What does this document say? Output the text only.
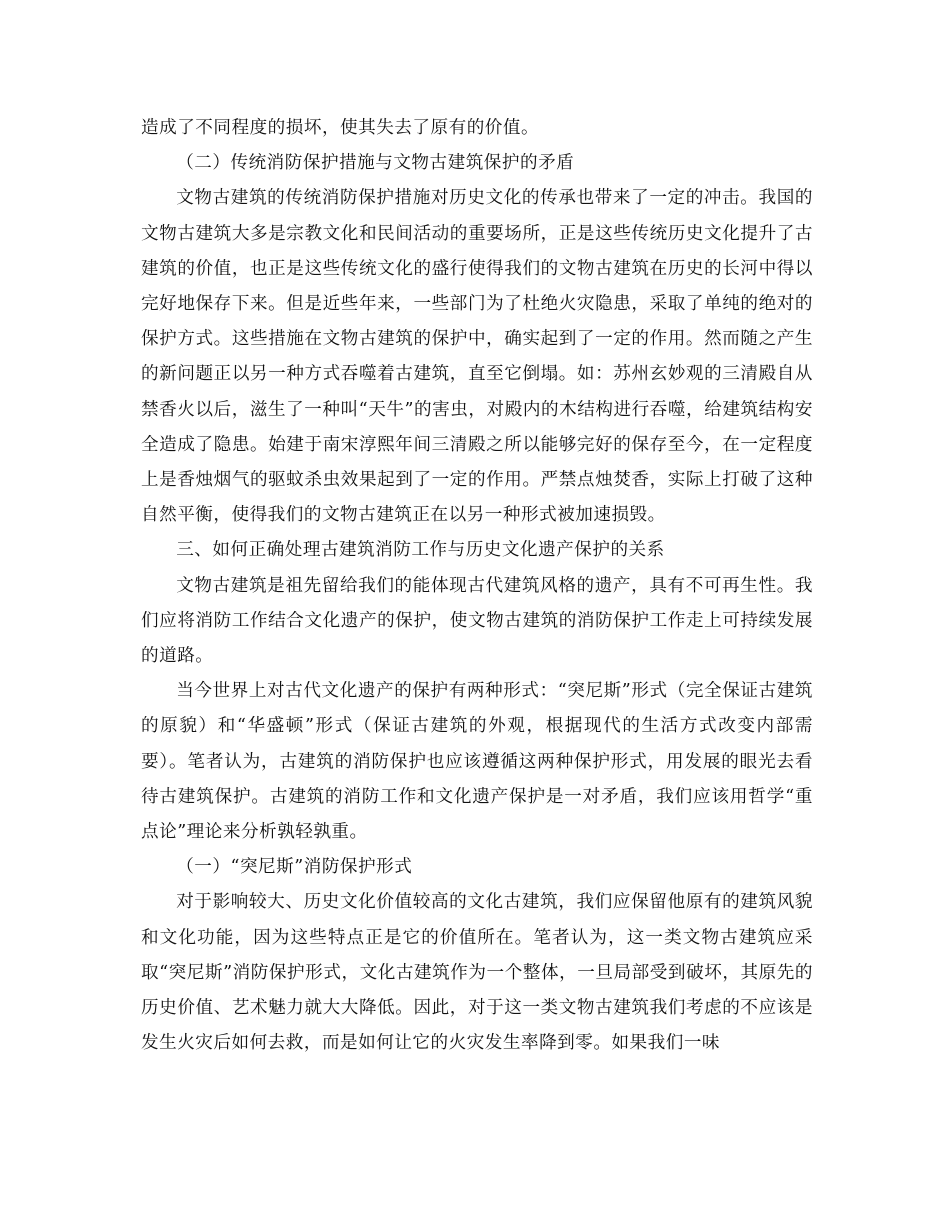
造成了不同程度的损坏，使其失去了原有的价值。

（二）传统消防保护措施与文物古建筑保护的矛盾

文物古建筑的传统消防保护措施对历史文化的传承也带来了一定的冲击。我国的文物古建筑大多是宗教文化和民间活动的重要场所，正是这些传统历史文化提升了古建筑的价值，也正是这些传统文化的盛行使得我们的文物古建筑在历史的长河中得以完好地保存下来。但是近些年来，一些部门为了杜绝火灾隐患，采取了单纯的绝对的保护方式。这些措施在文物古建筑的保护中，确实起到了一定的作用。然而随之产生的新问题正以另一种方式吞噬着古建筑，直至它倒塌。如：苏州玄妙观的三清殿自从禁香火以后，滋生了一种叫“天牛”的害虫，对殿内的木结构进行吞噬，给建筑结构安全造成了隐患。始建于南宋淳熙年间三清殿之所以能够完好的保存至今，在一定程度上是香烛烟气的驱蚊杀虫效果起到了一定的作用。严禁点烛焚香，实际上打破了这种自然平衡，使得我们的文物古建筑正在以另一种形式被加速损毁。

三、如何正确处理古建筑消防工作与历史文化遗产保护的关系

文物古建筑是祖先留给我们的能体现古代建筑风格的遗产，具有不可再生性。我们应将消防工作结合文化遗产的保护，使文物古建筑的消防保护工作走上可持续发展的道路。

当今世界上对古代文化遗产的保护有两种形式：“突尼斯”形式（完全保证古建筑的原貌）和“华盛顿”形式（保证古建筑的外观，根据现代的生活方式改变内部需要）。笔者认为，古建筑的消防保护也应该遵循这两种保护形式，用发展的眼光去看待古建筑保护。古建筑的消防工作和文化遗产保护是一对矛盾，我们应该用哲学“重点论”理论来分析孰轻孰重。

（一）“突尼斯”消防保护形式

对于影响较大、历史文化价值较高的文化古建筑，我们应保留他原有的建筑风貌和文化功能，因为这些特点正是它的价值所在。笔者认为，这一类文物古建筑应采取“突尼斯”消防保护形式，文化古建筑作为一个整体，一旦局部受到破坏，其原先的历史价值、艺术魅力就大大降低。因此，对于这一类文物古建筑我们考虑的不应该是发生火灾后如何去救，而是如何让它的火灾发生率降到零。如果我们一味
